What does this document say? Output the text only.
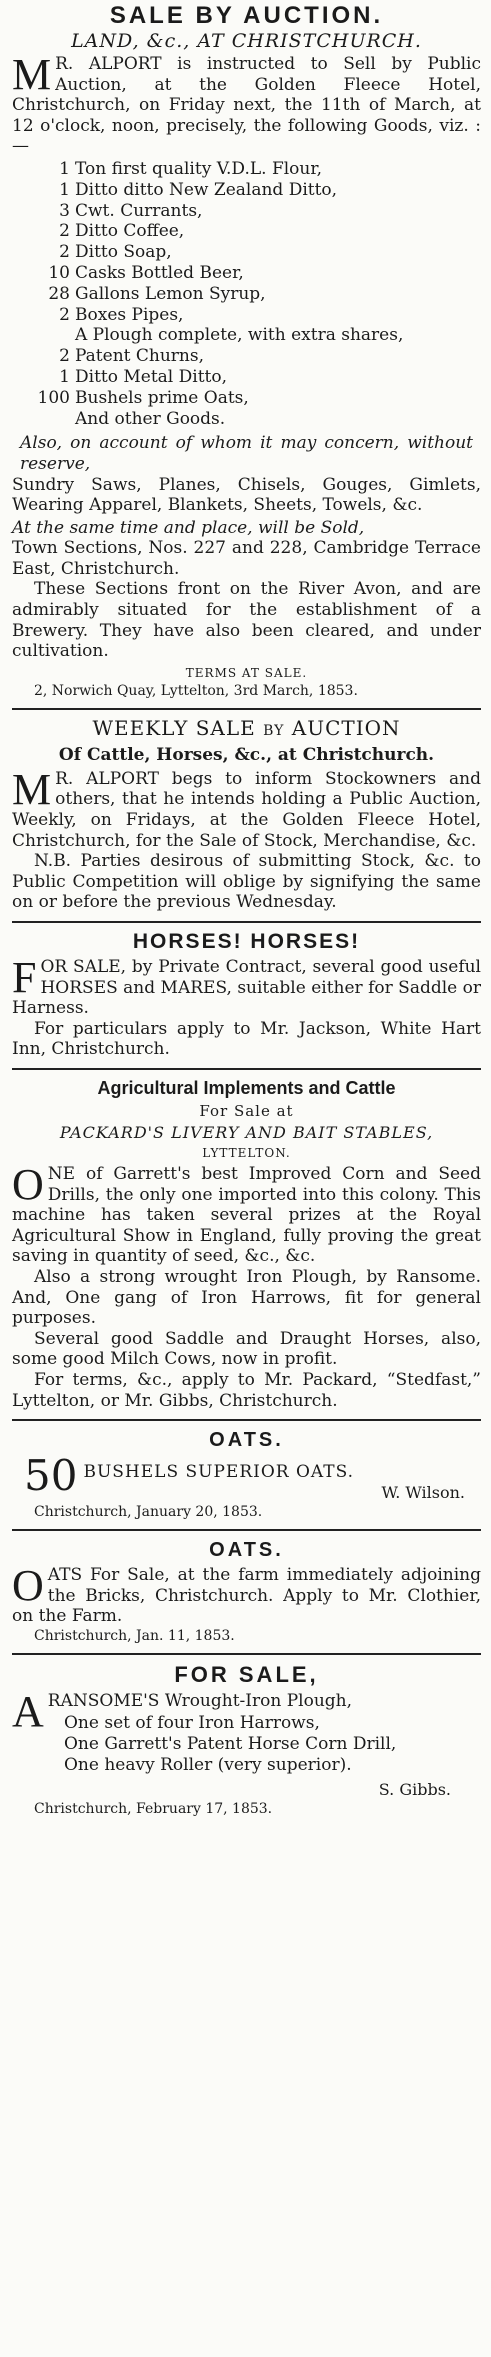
SALE BY AUCTION.
LAND, &c., AT CHRISTCHURCH.

M R. ALPORT is instructed to Sell by Public Auction, at the Golden Fleece Hotel, Christchurch, on Friday next, the 11th of March, at 12 o'clock, noon, precisely, the following Goods, viz. :—

1 Ton first quality V.D.L. Flour,
1 Ditto ditto New Zealand Ditto,
3 Cwt. Currants,
2 Ditto Coffee,
2 Ditto Soap,
10 Casks Bottled Beer,
28 Gallons Lemon Syrup,
2 Boxes Pipes,
A Plough complete, with extra shares,
2 Patent Churns,
1 Ditto Metal Ditto,
100 Bushels prime Oats,
And other Goods.

Also, on account of whom it may concern, without reserve,

Sundry Saws, Planes, Chisels, Gouges, Gimlets, Wearing Apparel, Blankets, Sheets, Towels, &c.

At the same time and place, will be Sold,

Town Sections, Nos. 227 and 228, Cambridge Terrace East, Christchurch.

These Sections front on the River Avon, and are admirably situated for the establishment of a Brewery. They have also been cleared, and under cultivation.

TERMS AT SALE.
2, Norwich Quay, Lyttelton, 3rd March, 1853.
WEEKLY SALE BY AUCTION
Of Cattle, Horses, &c., at Christchurch.

M R. ALPORT begs to inform Stockowners and others, that he intends holding a Public Auction, Weekly, on Fridays, at the Golden Fleece Hotel, Christchurch, for the Sale of Stock, Merchandise, &c.

N.B. Parties desirous of submitting Stock, &c. to Public Competition will oblige by signifying the same on or before the previous Wednesday.

HORSES! HORSES!

FOR SALE, by Private Contract, several good useful HORSES and MARES, suitable either for Saddle or Harness.

For particulars apply to Mr. Jackson, White Hart Inn, Christchurch.

Agricultural Implements and Cattle
For Sale at
PACKARD'S LIVERY AND BAIT STABLES,
LYTTELTON.

ONE of Garrett's best Improved Corn and Seed Drills, the only one imported into this colony. This machine has taken several prizes at the Royal Agricultural Show in England, fully proving the great saving in quantity of seed, &c., &c.

Also a strong wrought Iron Plough, by Ransome. And, One gang of Iron Harrows, fit for general purposes.

Several good Saddle and Draught Horses, also, some good Milch Cows, now in profit.

For terms, &c., apply to Mr. Packard, “Stedfast,” Lyttelton, or Mr. Gibbs, Christchurch.

OATS.
50 BUSHELS SUPERIOR OATS.
W. Wilson.
Christchurch, January 20, 1853.
OATS.

OATS For Sale, at the farm immediately adjoining the Bricks, Christchurch. Apply to Mr. Clothier, on the Farm.

Christchurch, Jan. 11, 1853.
FOR SALE,

ARANSOME'S Wrought-Iron Plough,

One set of four Iron Harrows,
One Garrett's Patent Horse Corn Drill,
One heavy Roller (very superior).
S. Gibbs.
Christchurch, February 17, 1853.
